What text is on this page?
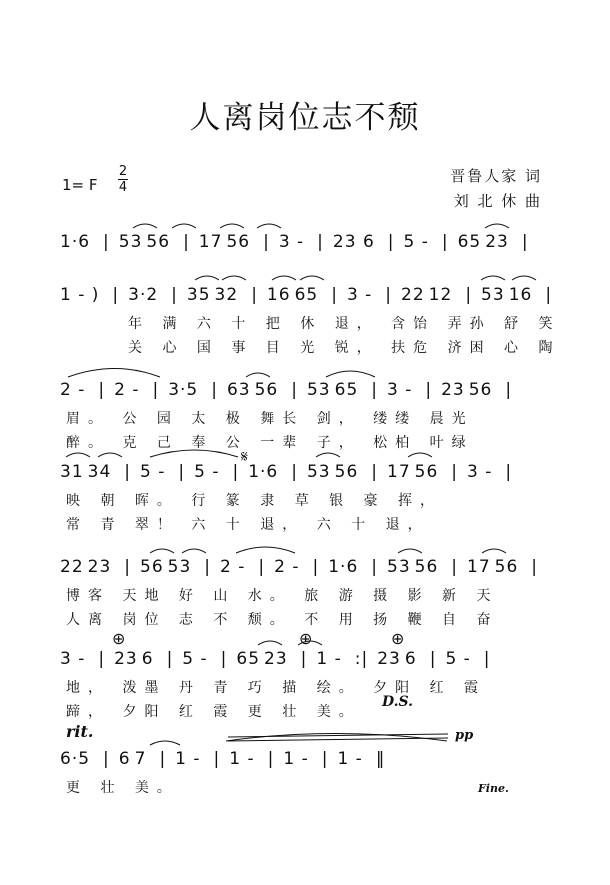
人离岗位志不颓
1= F
2
4
晋鲁人家 词
刘 北 休 曲
1·6 | 53 56 | 17 56 | 3 - | 23 6 | 5 - | 65 23 |
1 - ) | 3·2 | 35 32 | 16 65 | 3 - | 22 12 | 53 16 |
年 满 六 十 把 休 退， 含饴 弄孙 舒 笑
关 心 国 事 目 光 锐， 扶危 济困 心 陶
2 - | 2 - | 3·5 | 63 56 | 53 65 | 3 - | 23 56 |
眉。 公 园 太 极 舞长 剑， 缕缕 晨光
醉。 克 己 奉 公 一辈 子， 松柏 叶绿
31 34 | 5 - | 5 - | 1·6 | 53 56 | 17 56 | 3 - |
映 朝 晖。 行 篆 隶 草 银 豪 挥，
常 青 翠！ 六 十 退， 六 十 退，
22 23 | 56 53 | 2 - | 2 - | 1·6 | 53 56 | 17 56 |
博客 天地 好 山 水。 旅 游 摄 影 新 天
人离 岗位 志 不 颓。 不 用 扬 鞭 自 奋
3 - | 23 6 | 5 - | 65 23 | 1 - :| 23 6 | 5 - |
地， 泼墨 丹 青 巧 描 绘。 夕阳 红 霞
蹄， 夕阳 红 霞 更 壮 美。
6·5 | 6 7 | 1 - | 1 - | 1 - | 1 - ‖
更 壮 美。
rit.
D.S.
pp
Fine.
𝄋
⊕	⊕	⊕
